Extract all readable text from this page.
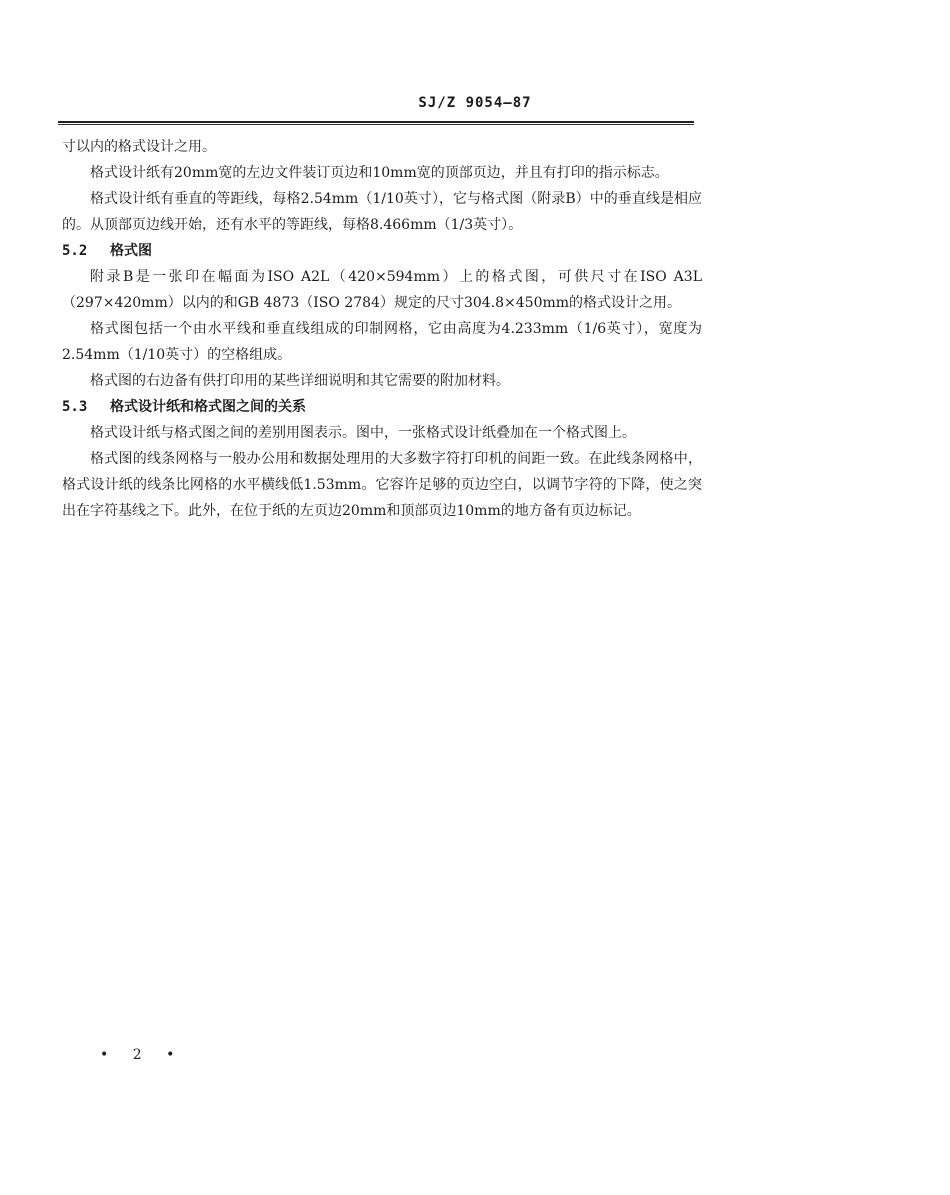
SJ/Z 9054—87

寸以内的格式设计之用。

格式设计纸有20mm宽的左边文件装订页边和10mm宽的顶部页边，并且有打印的指示标志。

格式设计纸有垂直的等距线，每格2.54mm（1/10英寸），它与格式图（附录B）中的垂直线是相应的。从顶部页边线开始，还有水平的等距线，每格8.466mm（1/3英寸）。

5.2 格式图

附录B是一张印在幅面为ISO A2L（420×594mm）上的格式图，可供尺寸在ISO A3L（297×420mm）以内的和GB 4873（ISO 2784）规定的尺寸304.8×450mm的格式设计之用。

格式图包括一个由水平线和垂直线组成的印制网格，它由高度为4.233mm（1/6英寸），宽度为2.54mm（1/10英寸）的空格组成。

格式图的右边备有供打印用的某些详细说明和其它需要的附加材料。

5.3 格式设计纸和格式图之间的关系

格式设计纸与格式图之间的差别用图表示。图中，一张格式设计纸叠加在一个格式图上。

格式图的线条网格与一般办公用和数据处理用的大多数字符打印机的间距一致。在此线条网格中，格式设计纸的线条比网格的水平横线低1.53mm。它容许足够的页边空白，以调节字符的下降，使之突出在字符基线之下。此外，在位于纸的左页边20mm和顶部页边10mm的地方备有页边标记。

• 2 •
